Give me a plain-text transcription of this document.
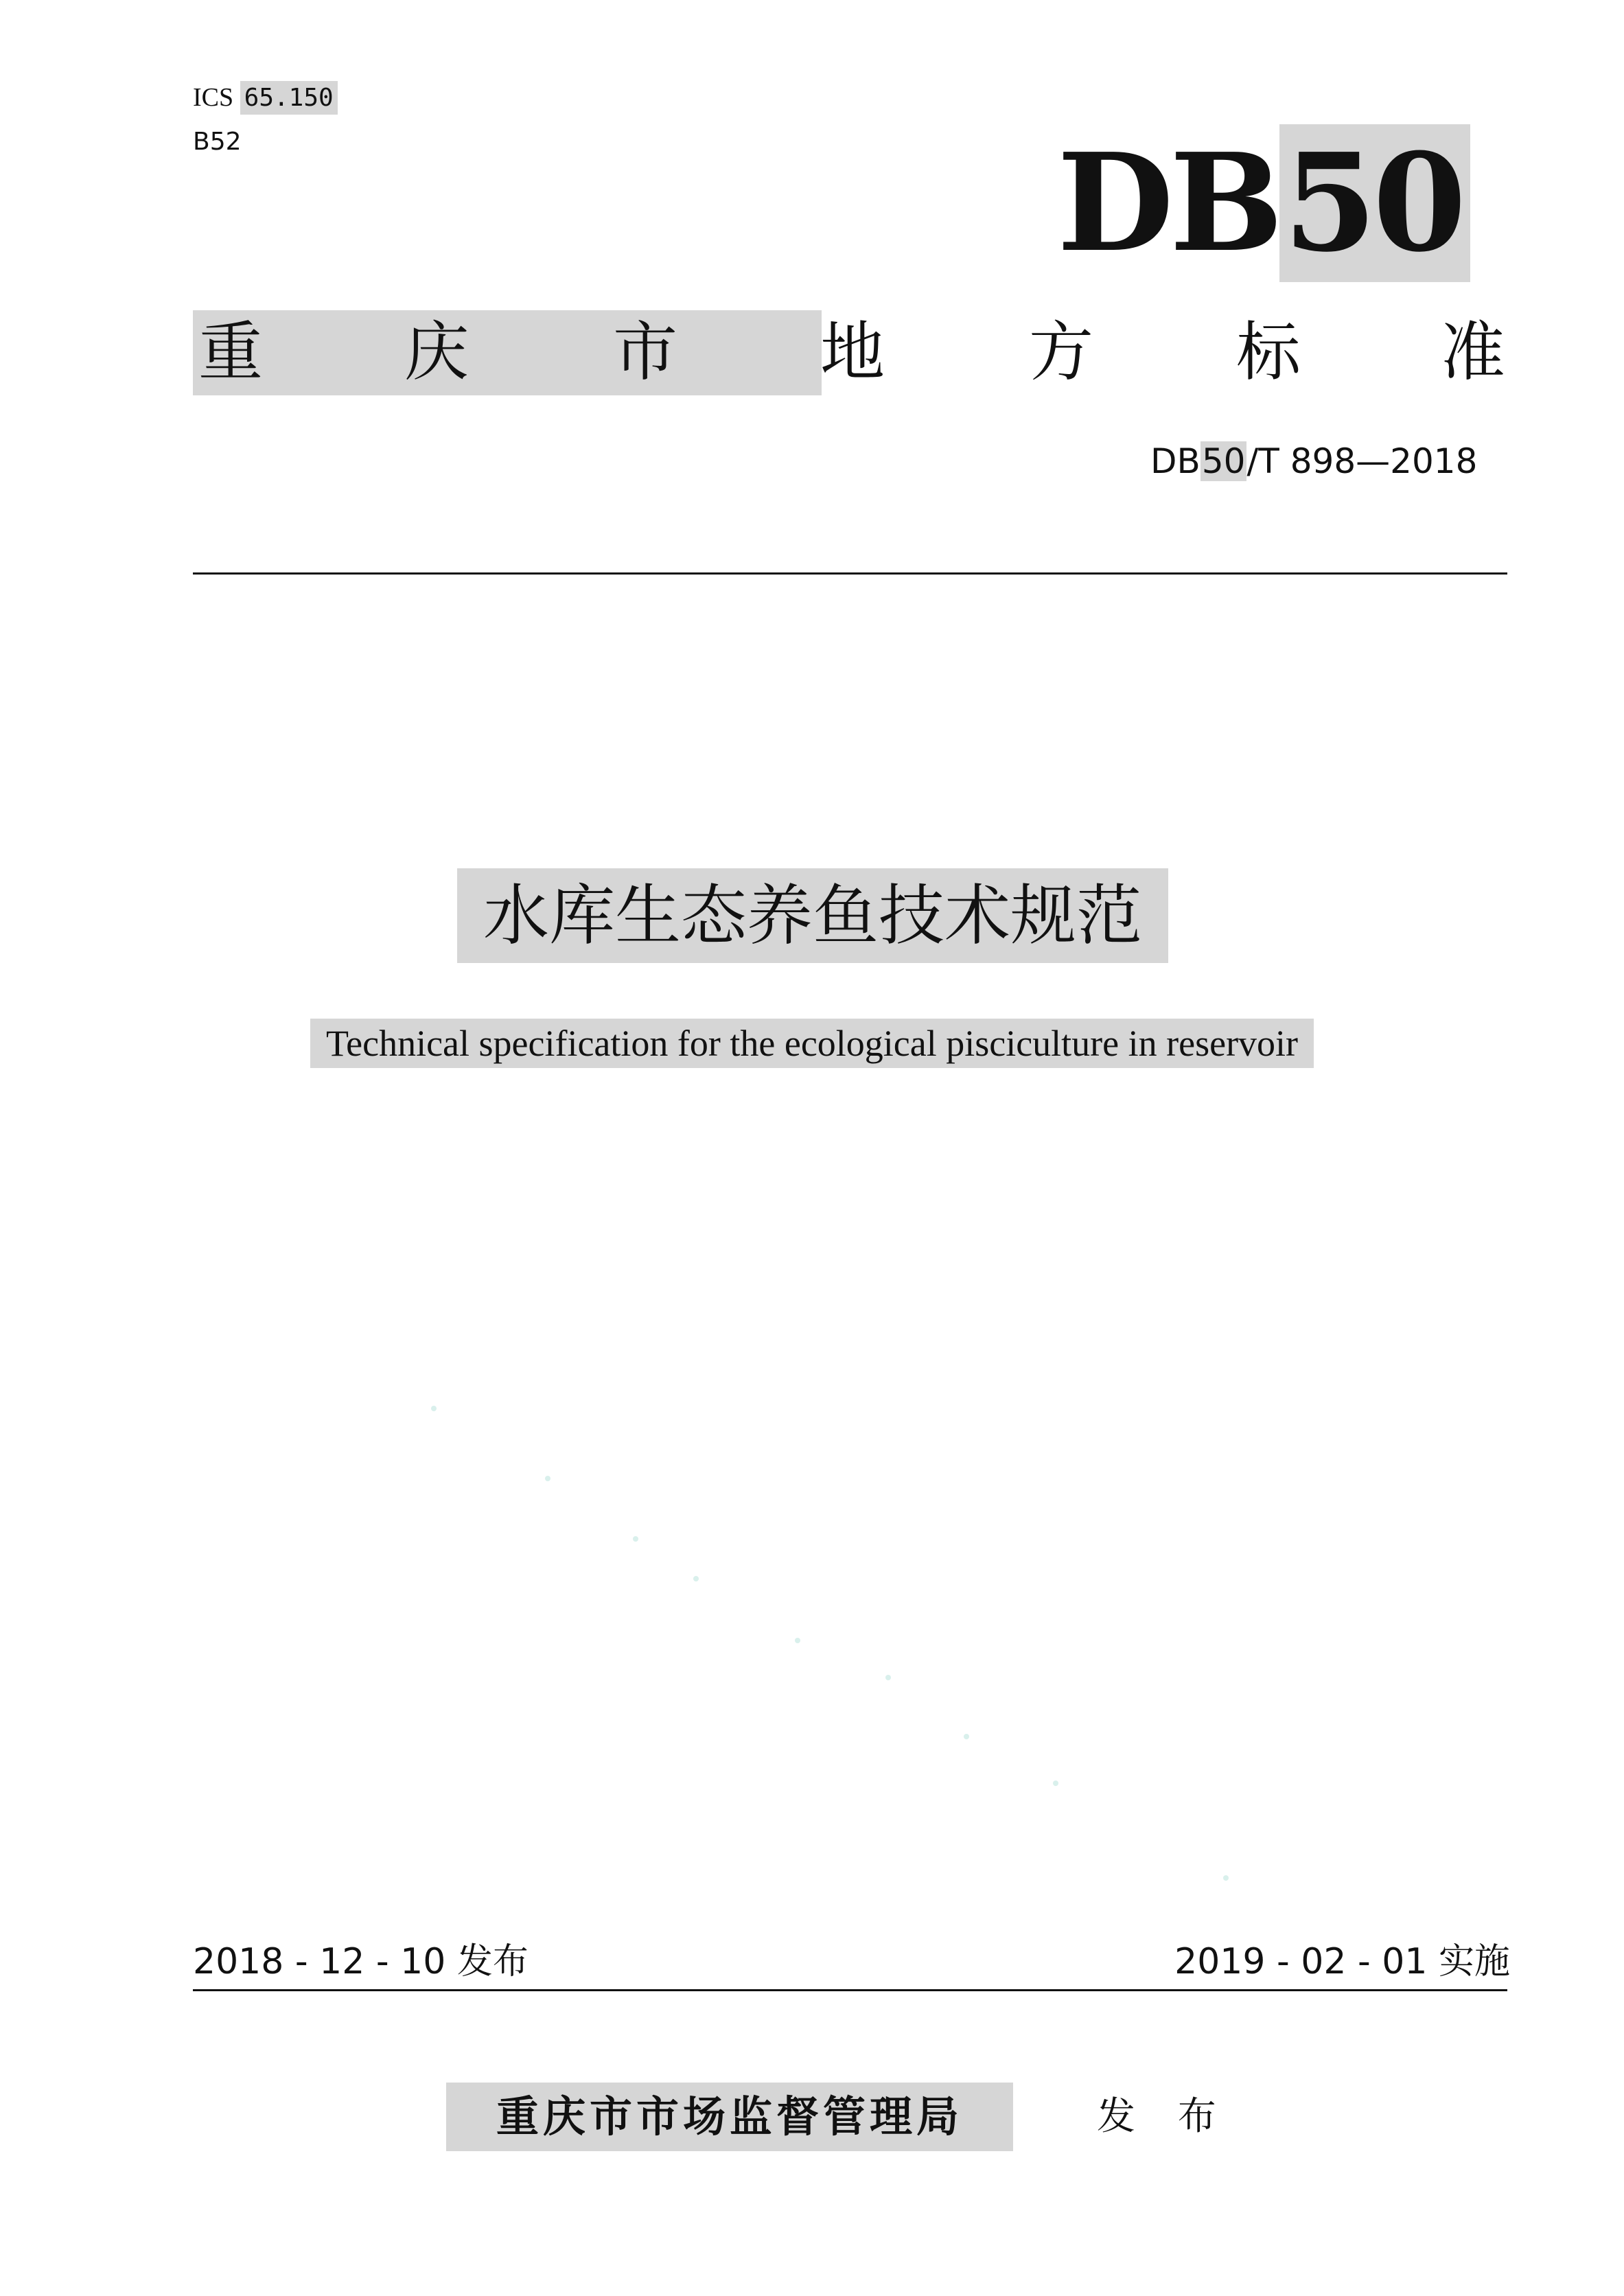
ICS 65.150
B52	DB50
重 庆 市 地 方 标 准
DB50/T 898—2018
水库生态养鱼技术规范
Technical specification for the ecological pisciculture in reservoir
2018 - 12 - 10 发布	2019 - 02 - 01 实施
重庆市市场监督管理局	发 布
